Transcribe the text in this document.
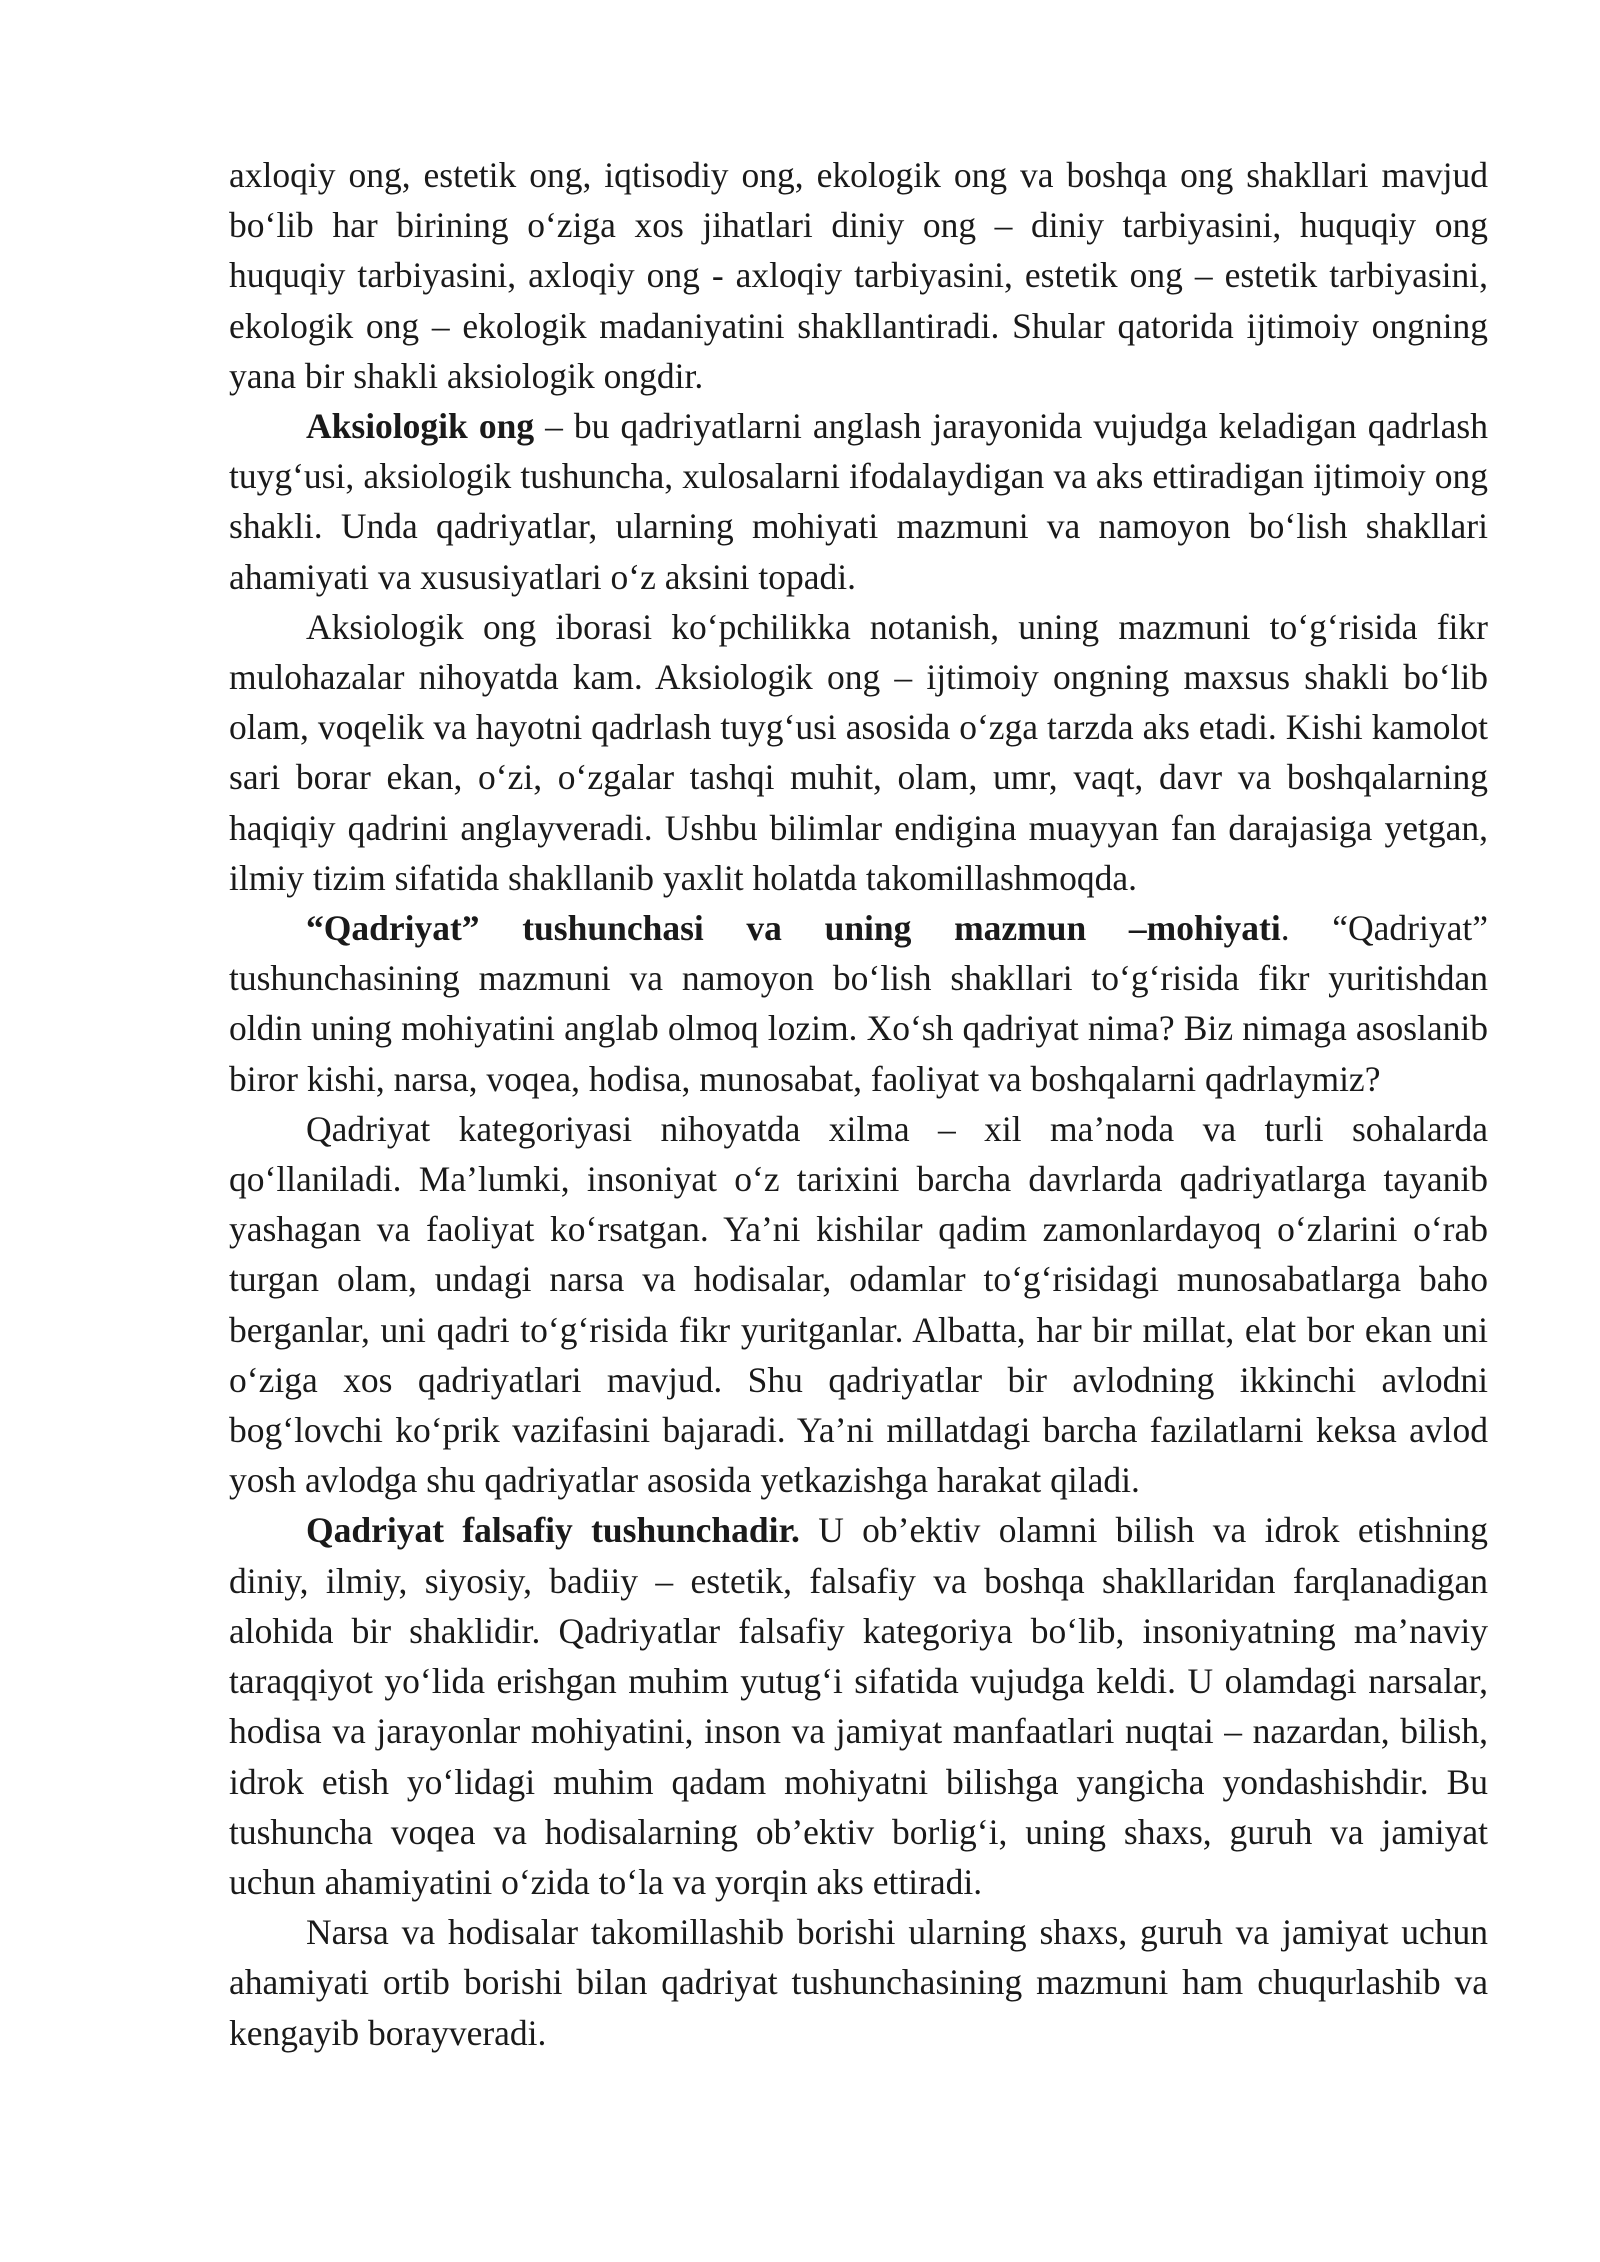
axloqiy ong, estetik ong, iqtisodiy ong, ekologik ong va boshqa ong shakllari mavjud bo‘lib har birining o‘ziga xos jihatlari diniy ong – diniy tarbiyasini, huquqiy ong huquqiy tarbiyasini, axloqiy ong - axloqiy tarbiyasini, estetik ong – estetik tarbiyasini, ekologik ong – ekologik madaniyatini shakllantiradi. Shular qatorida ijtimoiy ongning yana bir shakli aksiologik ongdir.

Aksiologik ong – bu qadriyatlarni anglash jarayonida vujudga keladigan qadrlash tuyg‘usi, aksiologik tushuncha, xulosalarni ifodalaydigan va aks ettiradigan ijtimoiy ong shakli. Unda qadriyatlar, ularning mohiyati mazmuni va namoyon bo‘lish shakllari ahamiyati va xususiyatlari o‘z aksini topadi.

Aksiologik ong iborasi ko‘pchilikka notanish, uning mazmuni to‘g‘risida fikr mulohazalar nihoyatda kam. Aksiologik ong – ijtimoiy ongning maxsus shakli bo‘lib olam, voqelik va hayotni qadrlash tuyg‘usi asosida o‘zga tarzda aks etadi. Kishi kamolot sari borar ekan, o‘zi, o‘zgalar tashqi muhit, olam, umr, vaqt, davr va boshqalarning haqiqiy qadrini anglayveradi. Ushbu bilimlar endigina muayyan fan darajasiga yetgan, ilmiy tizim sifatida shakllanib yaxlit holatda takomillashmoqda.

“Qadriyat” tushunchasi va uning mazmun –mohiyati. “Qadriyat” tushunchasining mazmuni va namoyon bo‘lish shakllari to‘g‘risida fikr yuritishdan oldin uning mohiyatini anglab olmoq lozim. Xo‘sh qadriyat nima? Biz nimaga asoslanib biror kishi, narsa, voqea, hodisa, munosabat, faoliyat va boshqalarni qadrlaymiz?

Qadriyat kategoriyasi nihoyatda xilma – xil ma’noda va turli sohalarda qo‘llaniladi. Ma’lumki, insoniyat o‘z tarixini barcha davrlarda qadriyatlarga tayanib yashagan va faoliyat ko‘rsatgan. Ya’ni kishilar qadim zamonlardayoq o‘zlarini o‘rab turgan olam, undagi narsa va hodisalar, odamlar to‘g‘risidagi munosabatlarga baho berganlar, uni qadri to‘g‘risida fikr yuritganlar. Albatta, har bir millat, elat bor ekan uni o‘ziga xos qadriyatlari mavjud. Shu qadriyatlar bir avlodning ikkinchi avlodni bog‘lovchi ko‘prik vazifasini bajaradi. Ya’ni millatdagi barcha fazilatlarni keksa avlod yosh avlodga shu qadriyatlar asosida yetkazishga harakat qiladi.

Qadriyat falsafiy tushunchadir. U ob’ektiv olamni bilish va idrok etishning diniy, ilmiy, siyosiy, badiiy – estetik, falsafiy va boshqa shakllaridan farqlanadigan alohida bir shaklidir. Qadriyatlar falsafiy kategoriya bo‘lib, insoniyatning ma’naviy taraqqiyot yo‘lida erishgan muhim yutug‘i sifatida vujudga keldi. U olamdagi narsalar, hodisa va jarayonlar mohiyatini, inson va jamiyat manfaatlari nuqtai – nazardan, bilish, idrok etish yo‘lidagi muhim qadam mohiyatni bilishga yangicha yondashishdir. Bu tushuncha voqea va hodisalarning ob’ektiv borlig‘i, uning shaxs, guruh va jamiyat uchun ahamiyatini o‘zida to‘la va yorqin aks ettiradi.

Narsa va hodisalar takomillashib borishi ularning shaxs, guruh va jamiyat uchun ahamiyati ortib borishi bilan qadriyat tushunchasining mazmuni ham chuqurlashib va kengayib borayveradi.
